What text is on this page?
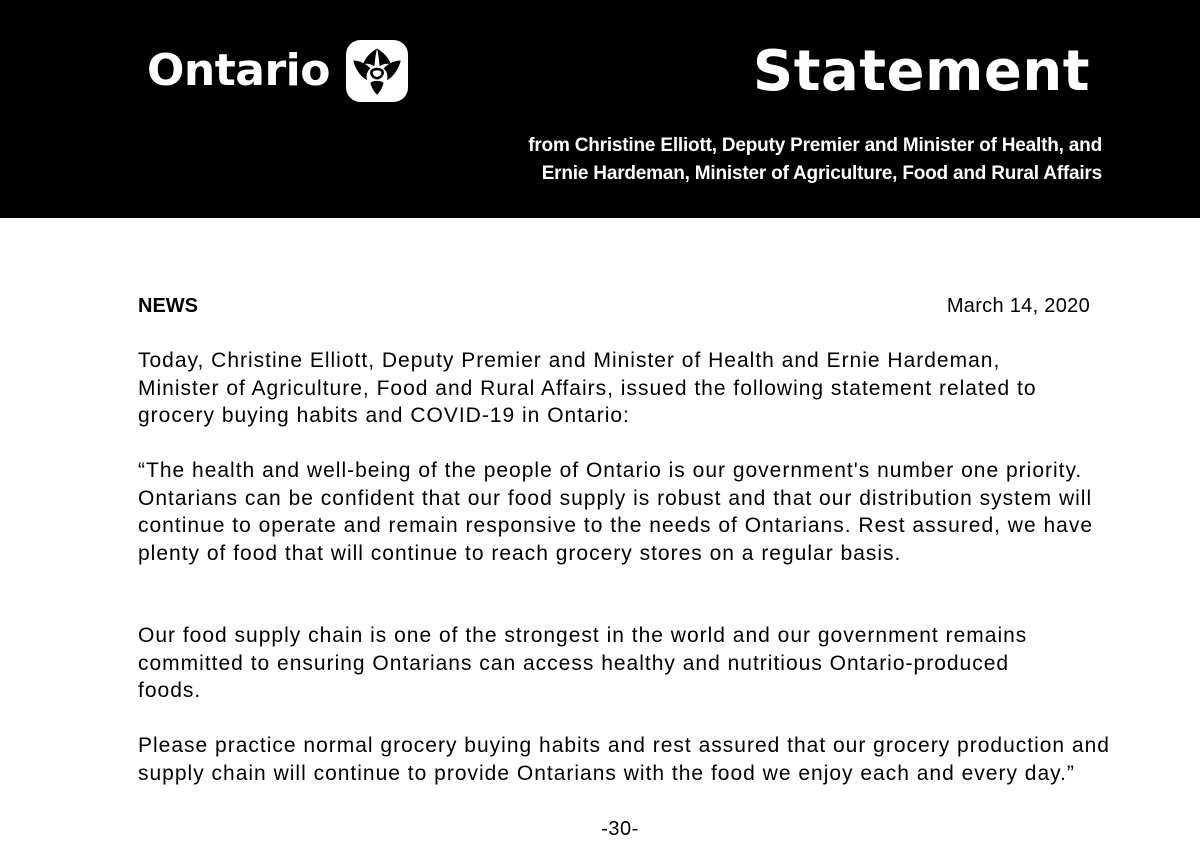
Ontario	Statement
from Christine Elliott, Deputy Premier and Minister of Health, and
Ernie Hardeman, Minister of Agriculture, Food and Rural Affairs
NEWS	March 14, 2020

Today, Christine Elliott, Deputy Premier and Minister of Health and Ernie Hardeman, Minister of Agriculture, Food and Rural Affairs, issued the following statement related to grocery buying habits and COVID-19 in Ontario:

“The health and well-being of the people of Ontario is our government's number one priority. Ontarians can be confident that our food supply is robust and that our distribution system will continue to operate and remain responsive to the needs of Ontarians. Rest assured, we have plenty of food that will continue to reach grocery stores on a regular basis.

Our food supply chain is one of the strongest in the world and our government remains committed to ensuring Ontarians can access healthy and nutritious Ontario-produced foods.

Please practice normal grocery buying habits and rest assured that our grocery production and supply chain will continue to provide Ontarians with the food we enjoy each and every day.”

-30-
